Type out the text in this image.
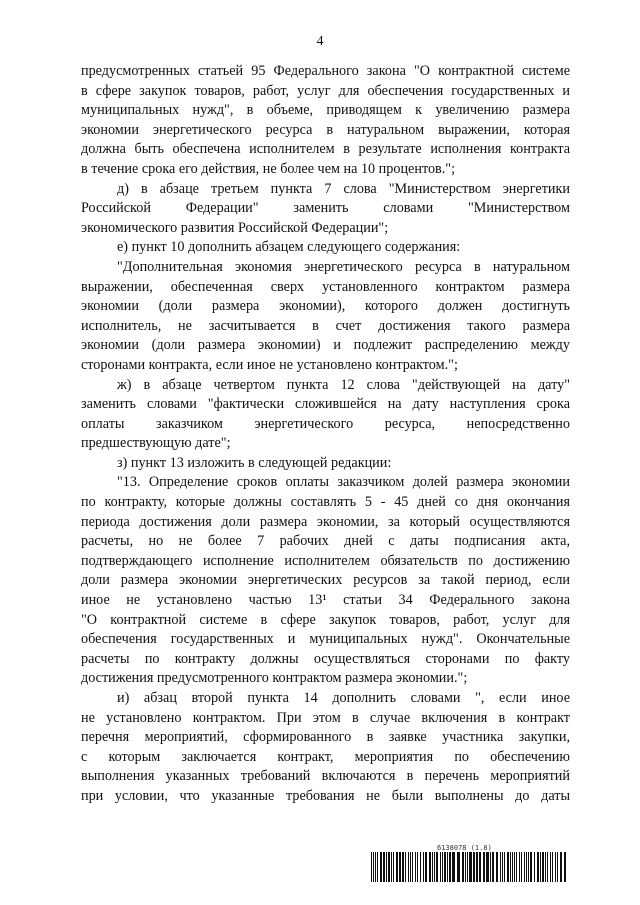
4
предусмотренных статьей 95 Федерального закона "О контрактной системе
в сфере закупок товаров, работ, услуг для обеспечения государственных и
муниципальных нужд", в объеме, приводящем к увеличению размера
экономии энергетического ресурса в натуральном выражении, которая
должна быть обеспечена исполнителем в результате исполнения контракта
в течение срока его действия, не более чем на 10 процентов.";
д) в абзаце третьем пункта 7 слова "Министерством энергетики
Российской Федерации" заменить словами "Министерством
экономического развития Российской Федерации";
е) пункт 10 дополнить абзацем следующего содержания:
"Дополнительная экономия энергетического ресурса в натуральном
выражении, обеспеченная сверх установленного контрактом размера
экономии (доли размера экономии), которого должен достигнуть
исполнитель, не засчитывается в счет достижения такого размера
экономии (доли размера экономии) и подлежит распределению между
сторонами контракта, если иное не установлено контрактом.";
ж) в абзаце четвертом пункта 12 слова "действующей на дату"
заменить словами "фактически сложившейся на дату наступления срока
оплаты заказчиком энергетического ресурса, непосредственно
предшествующую дате";
з) пункт 13 изложить в следующей редакции:
"13. Определение сроков оплаты заказчиком долей размера экономии
по контракту, которые должны составлять 5 - 45 дней со дня окончания
периода достижения доли размера экономии, за который осуществляются
расчеты, но не более 7 рабочих дней с даты подписания акта,
подтверждающего исполнение исполнителем обязательств по достижению
доли размера экономии энергетических ресурсов за такой период, если
иное не установлено частью 13¹ статьи 34 Федерального закона
"О контрактной системе в сфере закупок товаров, работ, услуг для
обеспечения государственных и муниципальных нужд". Окончательные
расчеты по контракту должны осуществляться сторонами по факту
достижения предусмотренного контрактом размера экономии.";
и) абзац второй пункта 14 дополнить словами ", если иное
не установлено контрактом. При этом в случае включения в контракт
перечня мероприятий, сформированного в заявке участника закупки,
с которым заключается контракт, мероприятия по обеспечению
выполнения указанных требований включаются в перечень мероприятий
при условии, что указанные требования не были выполнены до даты
6138078 (1.8)
